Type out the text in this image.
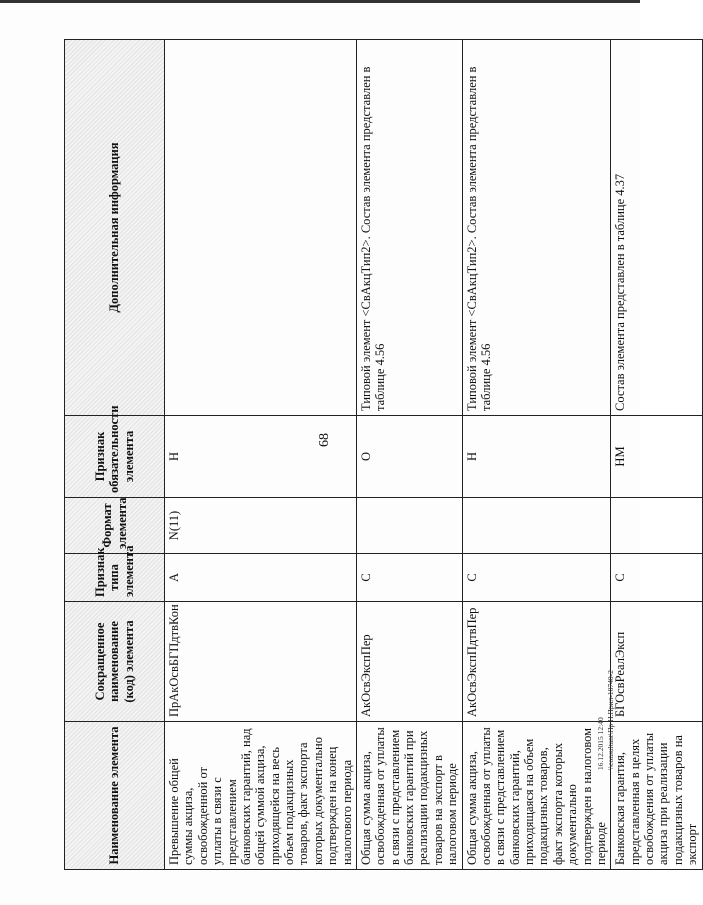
68
Наименование элемента	Сокращенное наименование (код) элемента	Признак типа элемента	Формат элемента	Признак обязательности элемента	Дополнительная информация
Превышение общей суммы акциза, освобожденной от уплаты в связи с представлением банковских гарантий, над общей суммой акциза, приходящейся на весь объем подакцизных товаров, факт экспорта которых документально подтвержден на конец налогового периода	ПрАкОсвБГПдтвКон	А	N(11)	Н	
Общая сумма акциза, освобожденная от уплаты в связи с представлением банковских гарантий при реализации подакцизных товаров на экспорт в налоговом периоде	АкОсвЭкспПер	С		О	Типовой элемент <СвАкцТип2>. Состав элемента представлен в таблице 4.56
Общая сумма акциза, освобожденная от уплаты в связи с представлением банковских гарантий, приходящаяся на объем подакцизных товаров, факт экспорта которых документально подтвержден в налоговом периоде	АкОсвЭкспПдтвПер	С		Н	Типовой элемент <СвАкцТип2>. Состав элемента представлен в таблице 4.56
Банковская гарантия, представленная в целях освобождения от уплаты акциза при реализации подакцизных товаров на экспорт	БГОсвРеалЭксп	С		НМ	Состав элемента представлен в таблице 4.37
16.12.2015 12:40 \\consultant\Пр Н.Прил-18740-2
